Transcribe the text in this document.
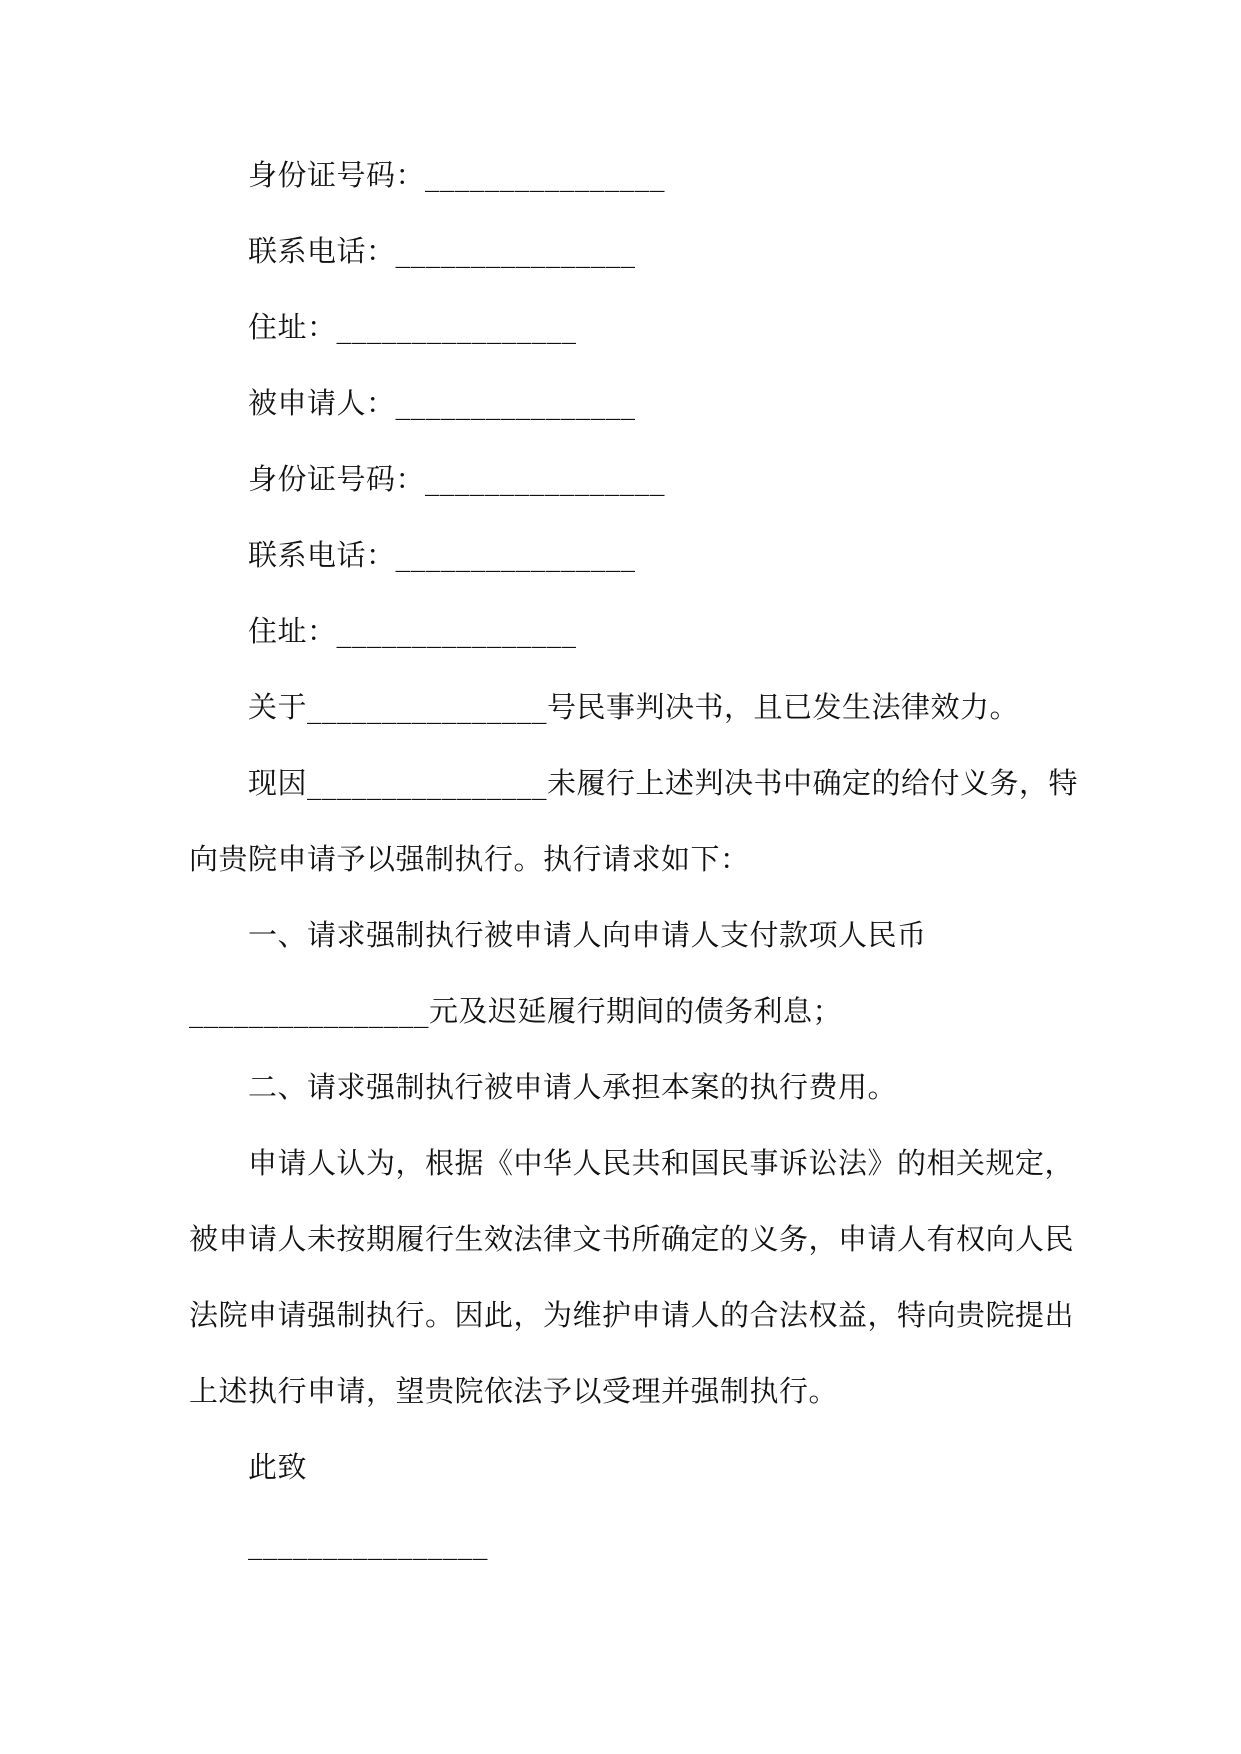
身份证号码：________________
联系电话：________________
住址：________________
被申请人：________________
身份证号码：________________
联系电话：________________
住址：________________
关于________________号民事判决书，且已发生法律效力。
现因________________未履行上述判决书中确定的给付义务，特
向贵院申请予以强制执行。执行请求如下：
一、请求强制执行被申请人向申请人支付款项人民币
________________元及迟延履行期间的债务利息；
二、请求强制执行被申请人承担本案的执行费用。
申请人认为，根据《中华人民共和国民事诉讼法》的相关规定，
被申请人未按期履行生效法律文书所确定的义务，申请人有权向人民
法院申请强制执行。因此，为维护申请人的合法权益，特向贵院提出
上述执行申请，望贵院依法予以受理并强制执行。
此致
________________
